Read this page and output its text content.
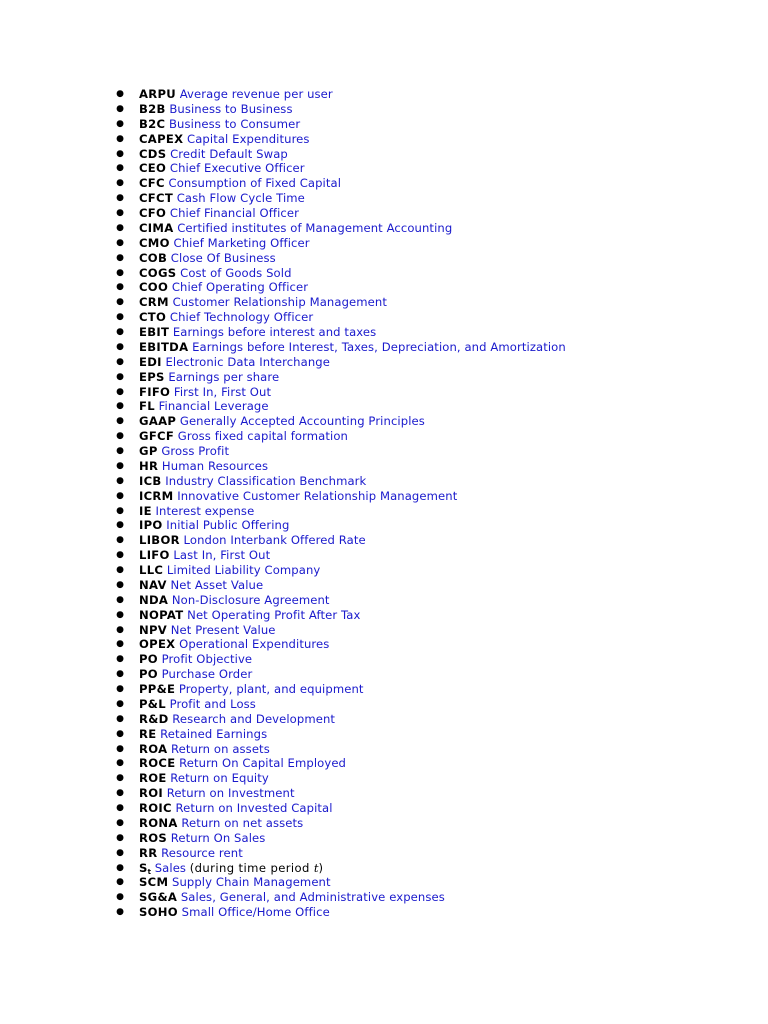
● ARPU Average revenue per user
● B2B Business to Business
● B2C Business to Consumer
● CAPEX Capital Expenditures
● CDS Credit Default Swap
● CEO Chief Executive Officer
● CFC Consumption of Fixed Capital
● CFCT Cash Flow Cycle Time
● CFO Chief Financial Officer
● CIMA Certified institutes of Management Accounting
● CMO Chief Marketing Officer
● COB Close Of Business
● COGS Cost of Goods Sold
● COO Chief Operating Officer
● CRM Customer Relationship Management
● CTO Chief Technology Officer
● EBIT Earnings before interest and taxes
● EBITDA Earnings before Interest, Taxes, Depreciation, and Amortization
● EDI Electronic Data Interchange
● EPS Earnings per share
● FIFO First In, First Out
● FL Financial Leverage
● GAAP Generally Accepted Accounting Principles
● GFCF Gross fixed capital formation
● GP Gross Profit
● HR Human Resources
● ICB Industry Classification Benchmark
● ICRM Innovative Customer Relationship Management
● IE Interest expense
● IPO Initial Public Offering
● LIBOR London Interbank Offered Rate
● LIFO Last In, First Out
● LLC Limited Liability Company
● NAV Net Asset Value
● NDA Non-Disclosure Agreement
● NOPAT Net Operating Profit After Tax
● NPV Net Present Value
● OPEX Operational Expenditures
● PO Profit Objective
● PO Purchase Order
● PP&E Property, plant, and equipment
● P&L Profit and Loss
● R&D Research and Development
● RE Retained Earnings
● ROA Return on assets
● ROCE Return On Capital Employed
● ROE Return on Equity
● ROI Return on Investment
● ROIC Return on Invested Capital
● RONA Return on net assets
● ROS Return On Sales
● RR Resource rent
● $S_t$ Sales (during time period t)
● SCM Supply Chain Management
● SG&A Sales, General, and Administrative expenses
● SOHO Small Office/Home Office
